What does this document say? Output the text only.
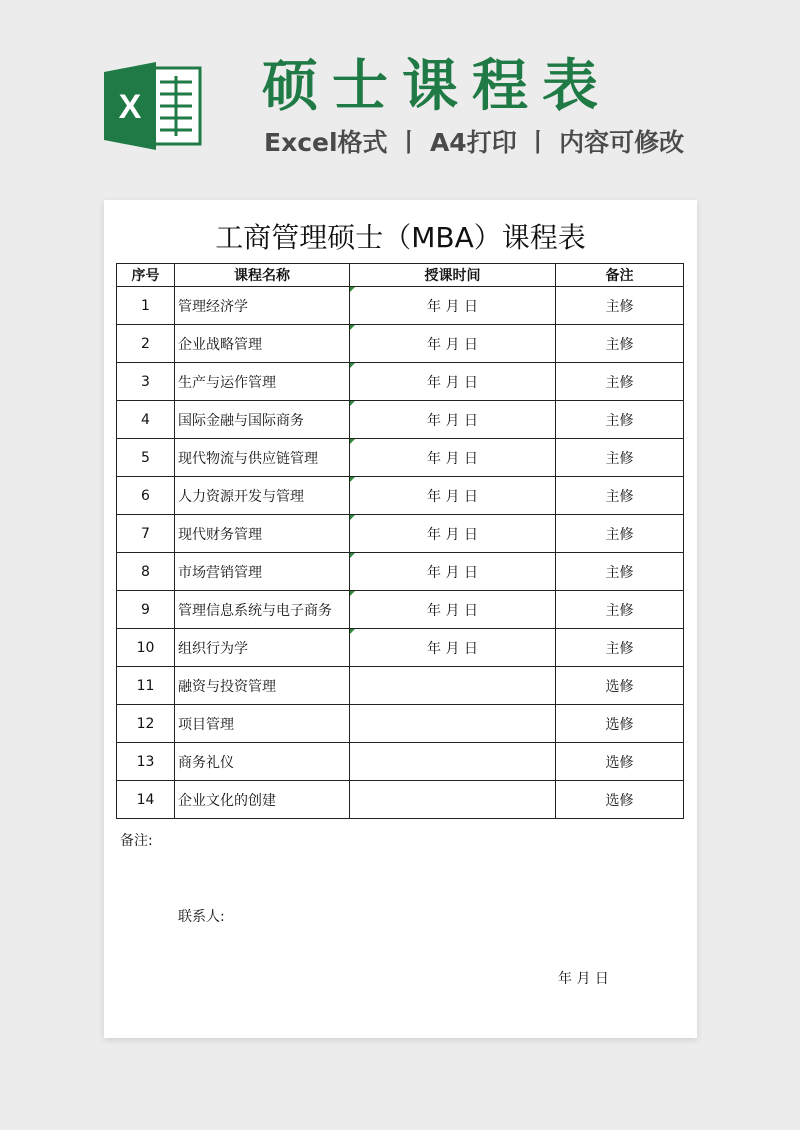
X 硕士课程表
Excel格式 丨 A4打印 丨 内容可修改
工商管理硕士（MBA）课程表
序号	课程名称	授课时间	备注
1	管理经济学	年 月 日	主修
2	企业战略管理	年 月 日	主修
3	生产与运作管理	年 月 日	主修
4	国际金融与国际商务	年 月 日	主修
5	现代物流与供应链管理	年 月 日	主修
6	人力资源开发与管理	年 月 日	主修
7	现代财务管理	年 月 日	主修
8	市场营销管理	年 月 日	主修
9	管理信息系统与电子商务	年 月 日	主修
10	组织行为学	年 月 日	主修
11	融资与投资管理		选修
12	项目管理		选修
13	商务礼仪		选修
14	企业文化的创建		选修
备注:
联系人:
年 月 日
